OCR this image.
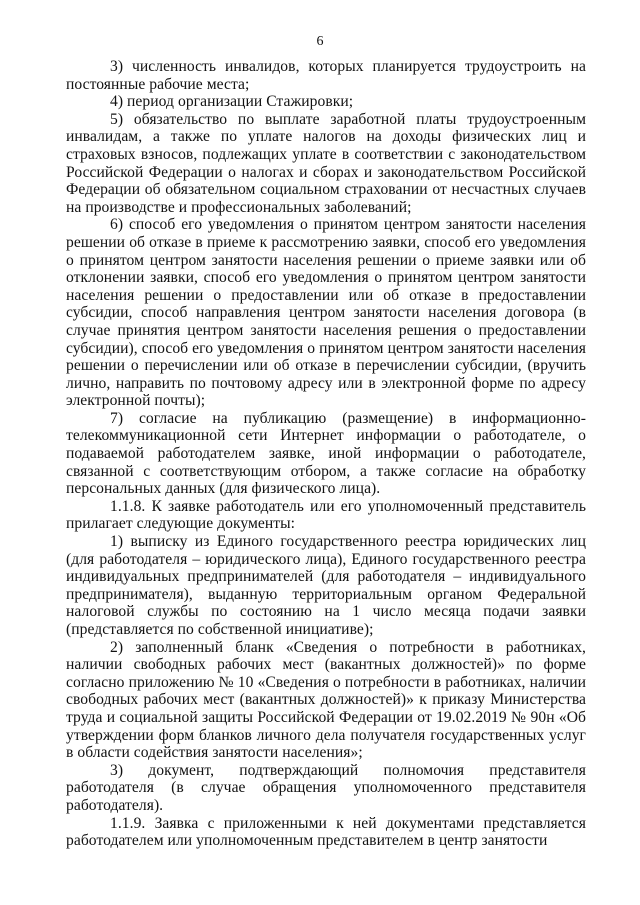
6

3) численность инвалидов, которых планируется трудоустроить на постоянные рабочие места;

4) период организации Стажировки;

5) обязательство по выплате заработной платы трудоустроенным инвалидам, а также по уплате налогов на доходы физических лиц и страховых взносов, подлежащих уплате в соответствии с законодательством Российской Федерации о налогах и сборах и законодательством Российской Федерации об обязательном социальном страховании от несчастных случаев на производстве и профессиональных заболеваний;

6) способ его уведомления о принятом центром занятости населения решении об отказе в приеме к рассмотрению заявки, способ его уведомления о принятом центром занятости населения решении о приеме заявки или об отклонении заявки, способ его уведомления о принятом центром занятости населения решении о предоставлении или об отказе в предоставлении субсидии, способ направления центром занятости населения договора (в случае принятия центром занятости населения решения о предоставлении субсидии), способ его уведомления о принятом центром занятости населения решении о перечислении или об отказе в перечислении субсидии, (вручить лично, направить по почтовому адресу или в электронной форме по адресу электронной почты);

7) согласие на публикацию (размещение) в информационно-телекоммуникационной сети Интернет информации о работодателе, о подаваемой работодателем заявке, иной информации о работодателе, связанной с соответствующим отбором, а также согласие на обработку персональных данных (для физического лица).

1.1.8. К заявке работодатель или его уполномоченный представитель прилагает следующие документы:

1) выписку из Единого государственного реестра юридических лиц (для работодателя – юридического лица), Единого государственного реестра индивидуальных предпринимателей (для работодателя – индивидуального предпринимателя), выданную территориальным органом Федеральной налоговой службы по состоянию на 1 число месяца подачи заявки (представляется по собственной инициативе);

2) заполненный бланк «Сведения о потребности в работниках, наличии свободных рабочих мест (вакантных должностей)» по форме согласно приложению № 10 «Сведения о потребности в работниках, наличии свободных рабочих мест (вакантных должностей)» к приказу Министерства труда и социальной защиты Российской Федерации от 19.02.2019 № 90н «Об утверждении форм бланков личного дела получателя государственных услуг в области содействия занятости населения»;

3) документ, подтверждающий полномочия представителя работодателя (в случае обращения уполномоченного представителя работодателя).

1.1.9. Заявка с приложенными к ней документами представляется работодателем или уполномоченным представителем в центр занятости
